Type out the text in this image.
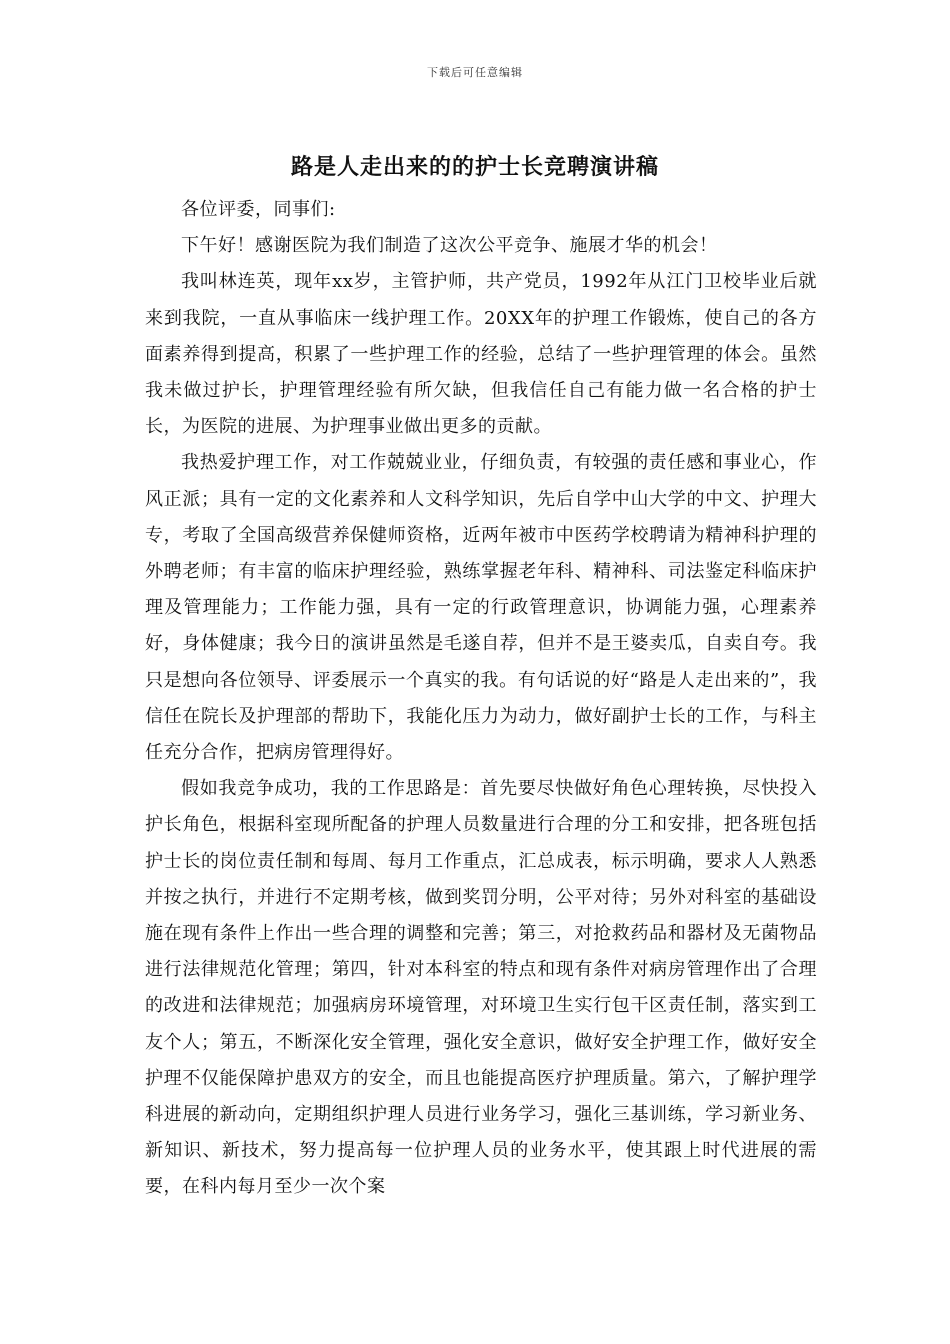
下载后可任意编辑
路是人走出来的的护士长竞聘演讲稿

各位评委，同事们:

下午好！感谢医院为我们制造了这次公平竞争、施展才华的机会！

我叫林连英，现年xx岁，主管护师，共产党员，1992年从江门卫校毕业后就来到我院，一直从事临床一线护理工作。20XX年的护理工作锻炼，使自己的各方面素养得到提高，积累了一些护理工作的经验，总结了一些护理管理的体会。虽然我未做过护长，护理管理经验有所欠缺，但我信任自己有能力做一名合格的护士长，为医院的进展、为护理事业做出更多的贡献。

我热爱护理工作，对工作兢兢业业，仔细负责，有较强的责任感和事业心，作风正派；具有一定的文化素养和人文科学知识，先后自学中山大学的中文、护理大专，考取了全国高级营养保健师资格，近两年被市中医药学校聘请为精神科护理的外聘老师；有丰富的临床护理经验，熟练掌握老年科、精神科、司法鉴定科临床护理及管理能力；工作能力强，具有一定的行政管理意识，协调能力强，心理素养好，身体健康；我今日的演讲虽然是毛遂自荐，但并不是王婆卖瓜，自卖自夸。我只是想向各位领导、评委展示一个真实的我。有句话说的好“路是人走出来的”，我信任在院长及护理部的帮助下，我能化压力为动力，做好副护士长的工作，与科主任充分合作，把病房管理得好。

假如我竞争成功，我的工作思路是：首先要尽快做好角色心理转换，尽快投入护长角色，根据科室现所配备的护理人员数量进行合理的分工和安排，把各班包括护士长的岗位责任制和每周、每月工作重点，汇总成表，标示明确，要求人人熟悉并按之执行，并进行不定期考核，做到奖罚分明，公平对待；另外对科室的基础设施在现有条件上作出一些合理的调整和完善；第三，对抢救药品和器材及无菌物品进行法律规范化管理；第四，针对本科室的特点和现有条件对病房管理作出了合理的改进和法律规范；加强病房环境管理，对环境卫生实行包干区责任制，落实到工友个人；第五，不断深化安全管理，强化安全意识，做好安全护理工作，做好安全护理不仅能保障护患双方的安全，而且也能提高医疗护理质量。第六，了解护理学科进展的新动向，定期组织护理人员进行业务学习，强化三基训练，学习新业务、新知识、新技术，努力提高每一位护理人员的业务水平，使其跟上时代进展的需要，在科内每月至少一次个案
